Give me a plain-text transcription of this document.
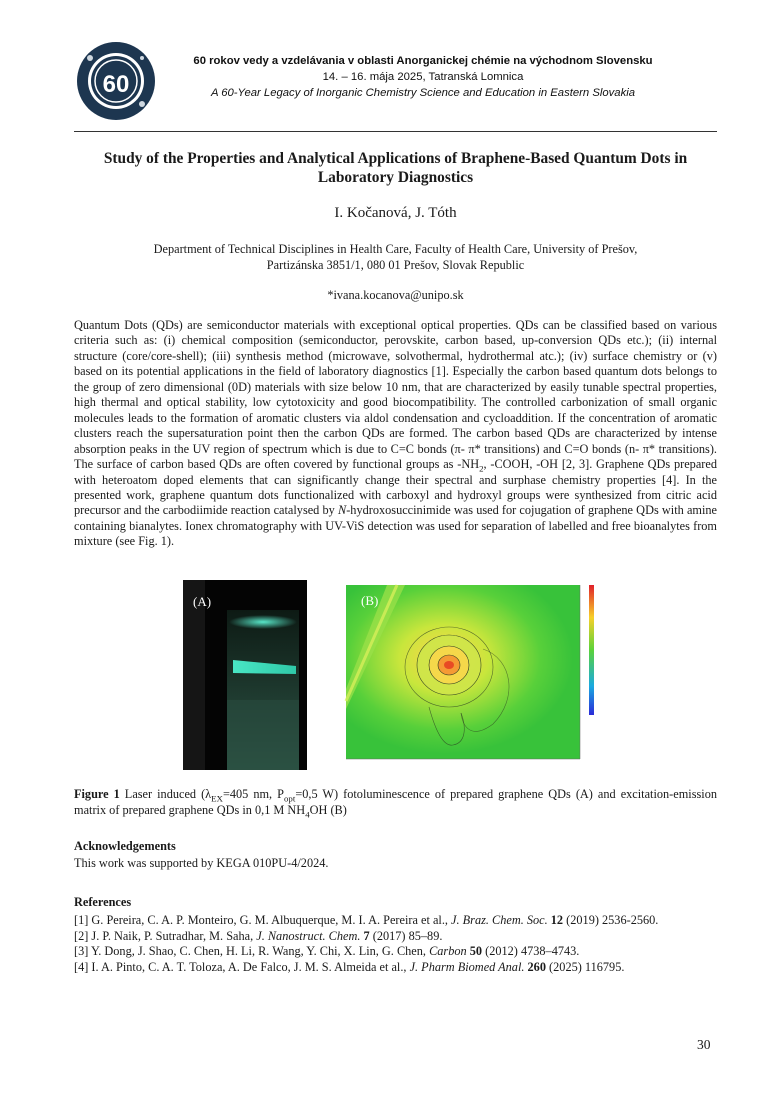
60
60 rokov vedy a vzdelávania v oblasti Anorganickej chémie na východnom Slovensku
14. – 16. mája 2025, Tatranská Lomnica
A 60-Year Legacy of Inorganic Chemistry Science and Education in Eastern Slovakia
Study of the Properties and Analytical Applications of Braphene-Based Quantum Dots in Laboratory Diagnostics
I. Kočanová, J. Tóth
Department of Technical Disciplines in Health Care, Faculty of Health Care, University of Prešov,
Partizánska 3851/1, 080 01 Prešov, Slovak Republic
*ivana.kocanova@unipo.sk

Quantum Dots (QDs) are semiconductor materials with exceptional optical properties. QDs can be classified based on various criteria such as: (i) chemical composition (semiconductor, perovskite, carbon based, up-conversion QDs etc.); (ii) internal structure (core/core-shell); (iii) synthesis method (microwave, solvothermal, hydrothermal atc.); (iv) surface chemistry or (v) based on its potential applications in the field of laboratory diagnostics [1]. Especially the carbon based quantum dots belongs to the group of zero dimensional (0D) materials with size below 10 nm, that are characterized by easily tunable spectral properties, high thermal and optical stability, low cytotoxicity and good biocompatibility. The controlled carbonization of small organic molecules leads to the formation of aromatic clusters via aldol condensation and cycloaddition. If the concentration of aromatic clusters reach the supersaturation point then the carbon QDs are formed. The carbon based QDs are characterized by intense absorption peaks in the UV region of spectrum which is due to C=C bonds (π- π* transitions) and C=O bonds (n- π* transitions). The surface of carbon based QDs are often covered by functional groups as $-NH_2$, -COOH, -OH [2, 3]. Graphene QDs prepared with heteroatom doped elements that can significantly change their spectral and surphase chemistry properties [4]. In the presented work, graphene quantum dots functionalized with carboxyl and hydroxyl groups were synthesized from citric acid precursor and the carbodiimide reaction catalysed by N-hydroxosuccinimide was used for cojugation of graphene QDs with amine containing bianalytes. Ionex chromatography with UV-ViS detection was used for separation of labelled and free bioanalytes from mixture (see Fig. 1).

(A)	(B)

Figure 1 Laser induced ($\lambda_{EX}=405$ nm, $P_{opt}=0,5$ W) fotoluminescence of prepared graphene QDs (A) and excitation-emission matrix of prepared graphene QDs in 0,1 M $NH_4OH$ (B)

Acknowledgements
This work was supported by KEGA 010PU-4/2024.
References
[1] G. Pereira, C. A. P. Monteiro, G. M. Albuquerque, M. I. A. Pereira et al., J. Braz. Chem. Soc. 12 (2019) 2536-2560.
[2] J. P. Naik, P. Sutradhar, M. Saha, J. Nanostruct. Chem. 7 (2017) 85–89.
[3] Y. Dong, J. Shao, C. Chen, H. Li, R. Wang, Y. Chi, X. Lin, G. Chen, Carbon 50 (2012) 4738–4743.
[4] I. A. Pinto, C. A. T. Toloza, A. De Falco, J. M. S. Almeida et al., J. Pharm Biomed Anal. 260 (2025) 116795.
30
